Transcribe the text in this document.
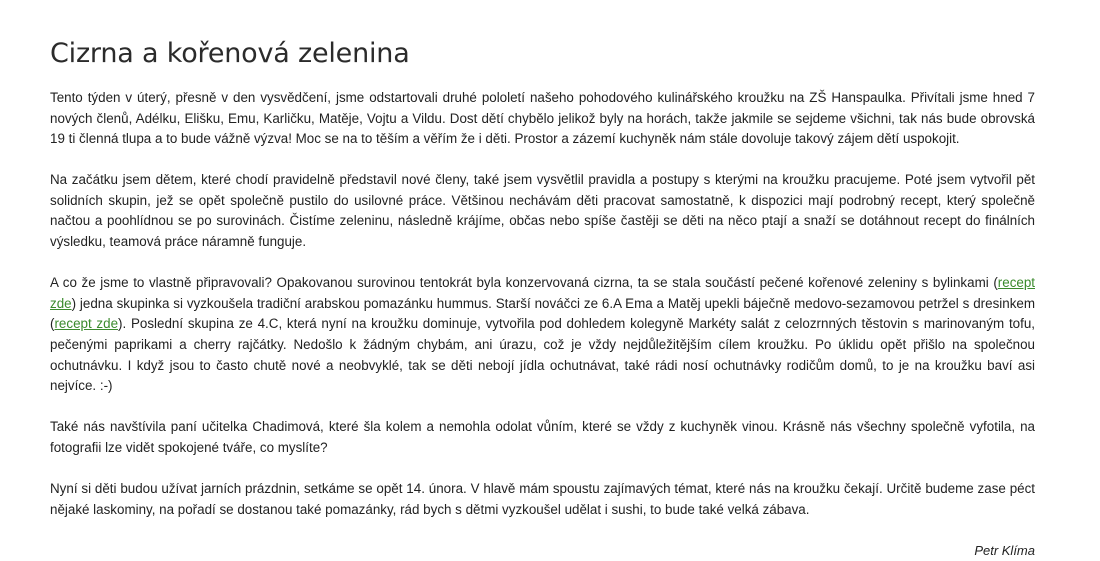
Cizrna a kořenová zelenina

Tento týden v úterý, přesně v den vysvědčení, jsme odstartovali druhé pololetí našeho pohodového kulinářského kroužku na ZŠ Hanspaulka. Přivítali jsme hned 7 nových členů, Adélku, Elišku, Emu, Karličku, Matěje, Vojtu a Vildu. Dost dětí chybělo jelikož byly na horách, takže jakmile se sejdeme všichni, tak nás bude obrovská 19 ti členná tlupa a to bude vážně výzva! Moc se na to těším a věřím že i děti. Prostor a zázemí kuchyněk nám stále dovoluje takový zájem dětí uspokojit.

Na začátku jsem dětem, které chodí pravidelně představil nové členy, také jsem vysvětlil pravidla a postupy s kterými na kroužku pracujeme. Poté jsem vytvořil pět solidních skupin, jež se opět společně pustilo do usilovné práce. Většinou nechávám děti pracovat samostatně, k dispozici mají podrobný recept, který společně načtou a poohlídnou se po surovinách. Čistíme zeleninu, následně krájíme, občas nebo spíše častěji se děti na něco ptají a snaží se dotáhnout recept do finálních výsledku, teamová práce náramně funguje.

A co že jsme to vlastně připravovali? Opakovanou surovinou tentokrát byla konzervovaná cizrna, ta se stala součástí pečené kořenové zeleniny s bylinkami (recept zde) jedna skupinka si vyzkoušela tradiční arabskou pomazánku hummus. Starší nováčci ze 6.A Ema a Matěj upekli báječně medovo-sezamovou petržel s dresinkem (recept zde). Poslední skupina ze 4.C, která nyní na kroužku dominuje, vytvořila pod dohledem kolegyně Markéty salát z celozrnných těstovin s marinovaným tofu, pečenými paprikami a cherry rajčátky. Nedošlo k žádným chybám, ani úrazu, což je vždy nejdůležitějším cílem kroužku. Po úklidu opět přišlo na společnou ochutnávku. I když jsou to často chutě nové a neobvyklé, tak se děti nebojí jídla ochutnávat, také rádi nosí ochutnávky rodičům domů, to je na kroužku baví asi nejvíce. :-)

Také nás navštívila paní učitelka Chadimová, které šla kolem a nemohla odolat vůním, které se vždy z kuchyněk vinou. Krásně nás všechny společně vyfotila, na fotografii lze vidět spokojené tváře, co myslíte?

Nyní si děti budou užívat jarních prázdnin, setkáme se opět 14. února. V hlavě mám spoustu zajímavých témat, které nás na kroužku čekají. Určitě budeme zase péct nějaké laskominy, na pořadí se dostanou také pomazánky, rád bych s dětmi vyzkoušel udělat i sushi, to bude také velká zábava.

Petr Klíma
